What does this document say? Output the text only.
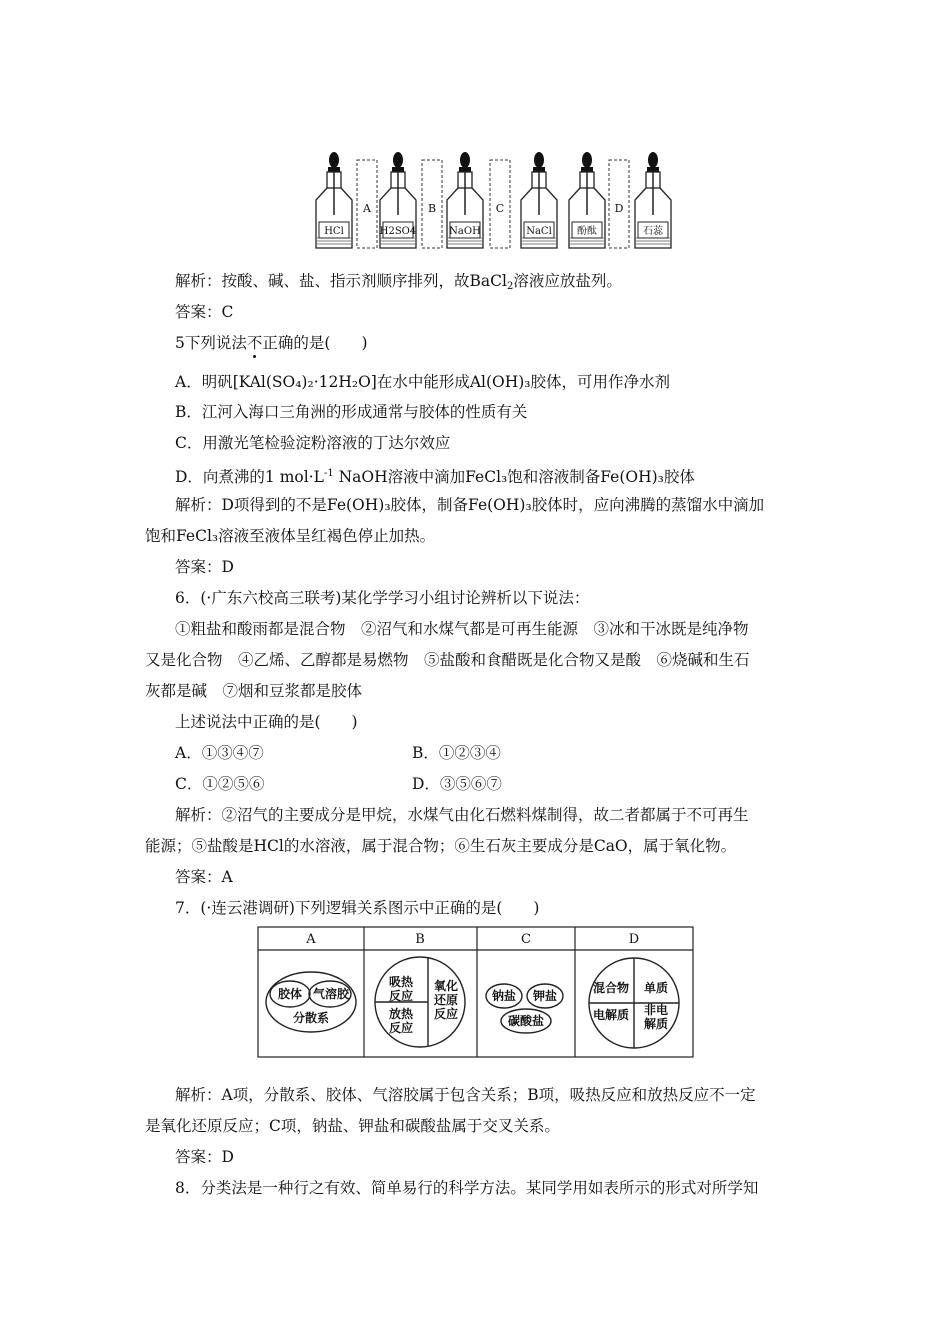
HCl	H2SO4	NaOH	NaCl	酚酞	石蕊
A	B	C	D
解析：按酸、碱、盐、指示剂顺序排列，故BaCl$_2$溶液应放盐列。
答案：C
5下列说法不正确的是(　　)
A．明矾[KAl(SO₄)₂·12H₂O]在水中能形成Al(OH)₃胶体，可用作净水剂
B．江河入海口三角洲的形成通常与胶体的性质有关
C．用激光笔检验淀粉溶液的丁达尔效应
D．向煮沸的1 $mol\cdot L^{-1}$ NaOH溶液中滴加FeCl₃饱和溶液制备Fe(OH)₃胶体
解析：D项得到的不是Fe(OH)₃胶体，制备Fe(OH)₃胶体时，应向沸腾的蒸馏水中滴加
饱和FeCl₃溶液至液体呈红褐色停止加热。
答案：D
6．(·广东六校高三联考)某化学学习小组讨论辨析以下说法：
①粗盐和酸雨都是混合物　②沼气和水煤气都是可再生能源　③冰和干冰既是纯净物
又是化合物　④乙烯、乙醇都是易燃物　⑤盐酸和食醋既是化合物又是酸　⑥烧碱和生石
灰都是碱　⑦烟和豆浆都是胶体
上述说法中正确的是(　　)
A．①③④⑦	B．①②③④
C．①②⑤⑥	D．③⑤⑥⑦
解析：②沼气的主要成分是甲烷，水煤气由化石燃料煤制得，故二者都属于不可再生
能源；⑤盐酸是HCl的水溶液，属于混合物；⑥生石灰主要成分是CaO，属于氧化物。
答案：A
7．(·连云港调研)下列逻辑关系图示中正确的是(　　)
A	B	C	D
胶体 气溶胶
分散系
吸热
反应
放热
反应
氧化
还原
反应
钠盐 钾盐
碳酸盐
混合物 单质
电解质 非电
解质
解析：A项，分散系、胶体、气溶胶属于包含关系；B项，吸热反应和放热反应不一定
是氧化还原反应；C项，钠盐、钾盐和碳酸盐属于交叉关系。
答案：D
8．分类法是一种行之有效、简单易行的科学方法。某同学用如表所示的形式对所学知
